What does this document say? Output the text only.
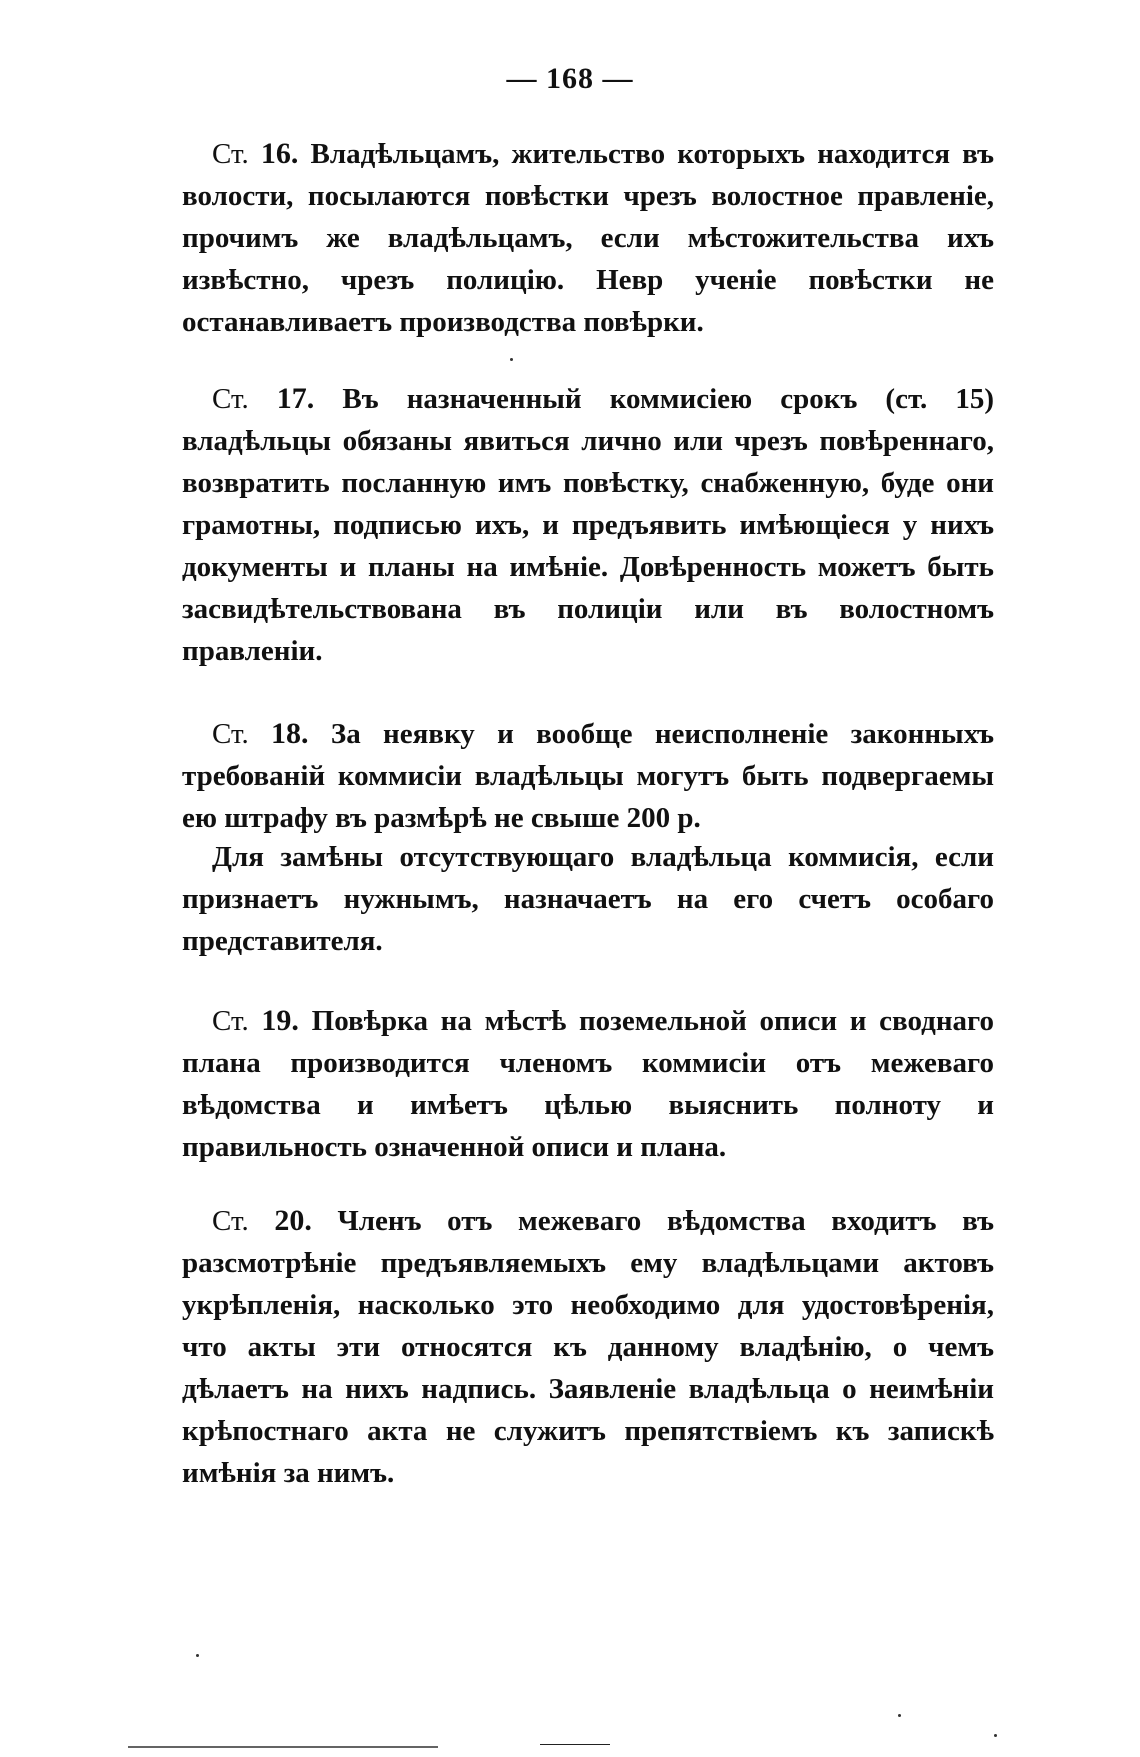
— 168 —

Ст. 16. Владѣльцамъ, жительство которыхъ находится въ волости, посылаются повѣстки чрезъ волостное правленіе, прочимъ же владѣльцамъ, если мѣстожительства ихъ извѣстно, чрезъ полицію. Невр ученіе повѣстки не останавливаетъ производства повѣрки.

Ст. 17. Въ назначенный коммисіею срокъ (ст. 15) владѣльцы обязаны явиться лично или чрезъ повѣреннаго, возвратить посланную имъ повѣстку, снабженную, буде они грамотны, подписью ихъ, и предъявить имѣющіеся у нихъ документы и планы на имѣніе. Довѣренность можетъ быть засвидѣтельствована въ полиціи или въ волостномъ правленіи.

Ст. 18. За неявку и вообще неисполненіе законныхъ требованій коммисіи владѣльцы могутъ быть подвергаемы ею штрафу въ размѣрѣ не свыше 200 р.

Для замѣны отсутствующаго владѣльца коммисія, если признаетъ нужнымъ, назначаетъ на его счетъ особаго представителя.

Ст. 19. Повѣрка на мѣстѣ поземельной описи и своднаго плана производится членомъ коммисіи отъ межеваго вѣдомства и имѣетъ цѣлью выяснить полноту и правильность означенной описи и плана.

Ст. 20. Членъ отъ межеваго вѣдомства входитъ въ разсмотрѣніе предъявляемыхъ ему владѣльцами актовъ укрѣпленія, насколько это необходимо для удостовѣренія, что акты эти относятся къ данному владѣнію, о чемъ дѣлаетъ на нихъ надпись. Заявленіе владѣльца о неимѣніи крѣпостнаго акта не служитъ препятствіемъ къ запискѣ имѣнія за нимъ.
